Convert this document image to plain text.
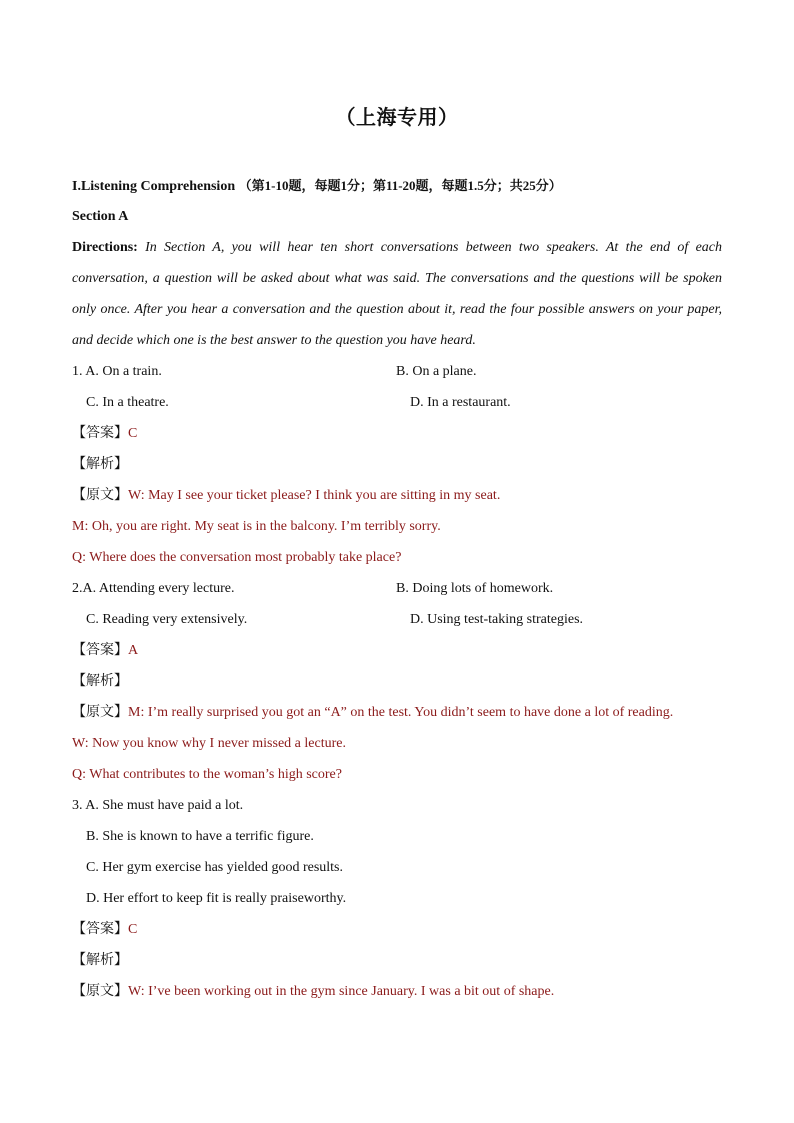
（上海专用）
I.Listening Comprehension （第1-10题，每题1分；第11-20题，每题1.5分；共25分）
Section A
Directions: In Section A, you will hear ten short conversations between two speakers. At the end of each conversation, a question will be asked about what was said. The conversations and the questions will be spoken only once. After you hear a conversation and the question about it, read the four possible answers on your paper, and decide which one is the best answer to the question you have heard.
1. A. On a train.	B. On a plane.
C. In a theatre.	D. In a restaurant.
【答案】C
【解析】
【原文】W: May I see your ticket please? I think you are sitting in my seat.
M: Oh, you are right. My seat is in the balcony. I’m terribly sorry.
Q: Where does the conversation most probably take place?
2.A. Attending every lecture.	B. Doing lots of homework.
C. Reading very extensively.	D. Using test-taking strategies.
【答案】A
【解析】
【原文】M: I’m really surprised you got an “A” on the test. You didn’t seem to have done a lot of reading.
W: Now you know why I never missed a lecture.
Q: What contributes to the woman’s high score?
3. A. She must have paid a lot.
B. She is known to have a terrific figure.
C. Her gym exercise has yielded good results.
D. Her effort to keep fit is really praiseworthy.
【答案】C
【解析】
【原文】W: I’ve been working out in the gym since January. I was a bit out of shape.
